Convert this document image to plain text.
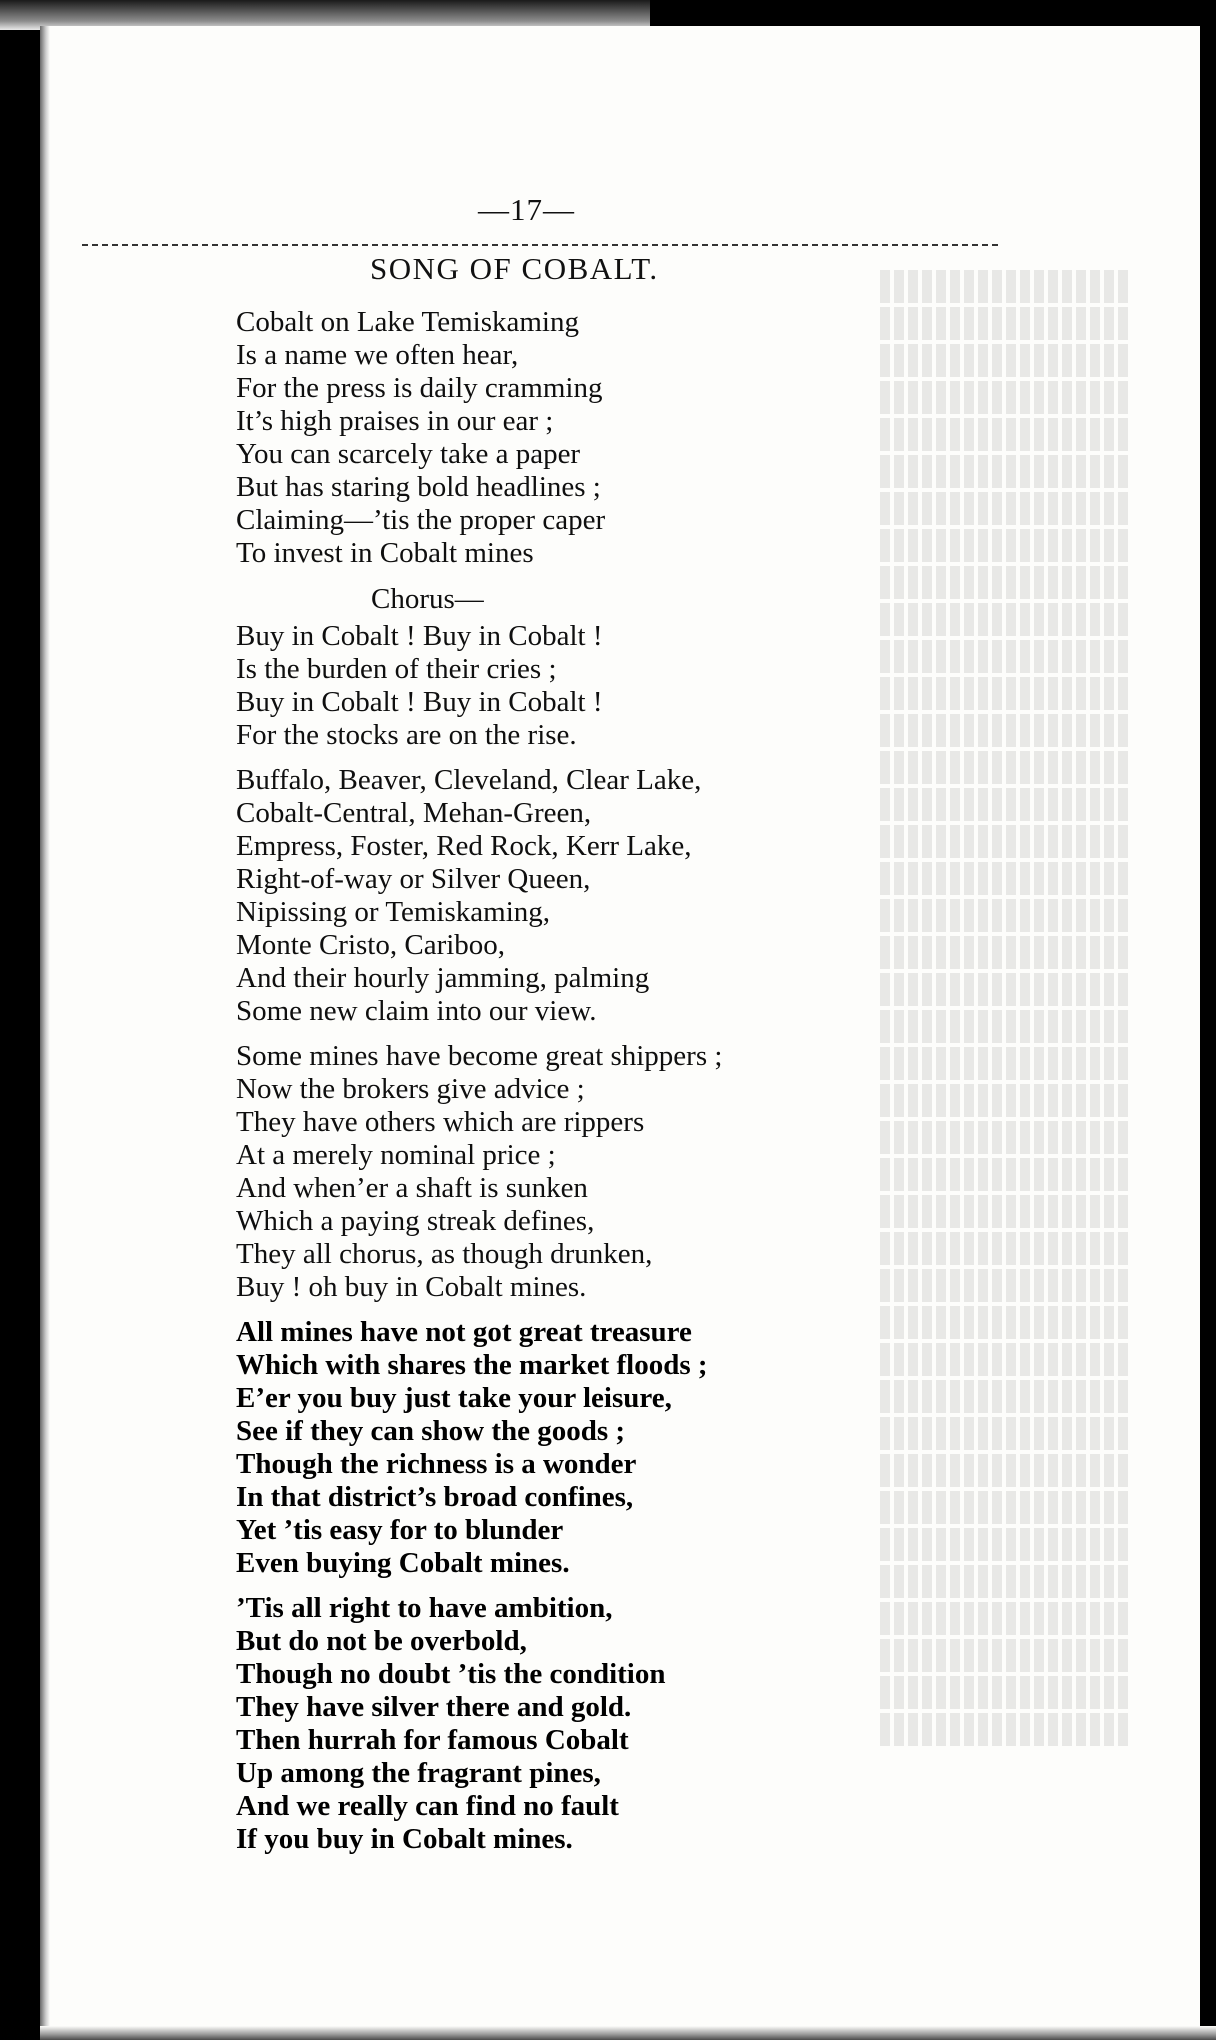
—17—
SONG OF COBALT.
Cobalt on Lake Temiskaming
Is a name we often hear,
For the press is daily cramming
It’s high praises in our ear ;
You can scarcely take a paper
But has staring bold headlines ;
Claiming—’tis the proper caper
To invest in Cobalt mines
Chorus—
Buy in Cobalt ! Buy in Cobalt !
Is the burden of their cries ;
Buy in Cobalt ! Buy in Cobalt !
For the stocks are on the rise.
Buffalo, Beaver, Cleveland, Clear Lake,
Cobalt-Central, Mehan-Green,
Empress, Foster, Red Rock, Kerr Lake,
Right-of-way or Silver Queen,
Nipissing or Temiskaming,
Monte Cristo, Cariboo,
And their hourly jamming, palming
Some new claim into our view.
Some mines have become great shippers ;
Now the brokers give advice ;
They have others which are rippers
At a merely nominal price ;
And when’er a shaft is sunken
Which a paying streak defines,
They all chorus, as though drunken,
Buy ! oh buy in Cobalt mines.
All mines have not got great treasure
Which with shares the market floods ;
E’er you buy just take your leisure,
See if they can show the goods ;
Though the richness is a wonder
In that district’s broad confines,
Yet ’tis easy for to blunder
Even buying Cobalt mines.
’Tis all right to have ambition,
But do not be overbold,
Though no doubt ’tis the condition
They have silver there and gold.
Then hurrah for famous Cobalt
Up among the fragrant pines,
And we really can find no fault
If you buy in Cobalt mines.
